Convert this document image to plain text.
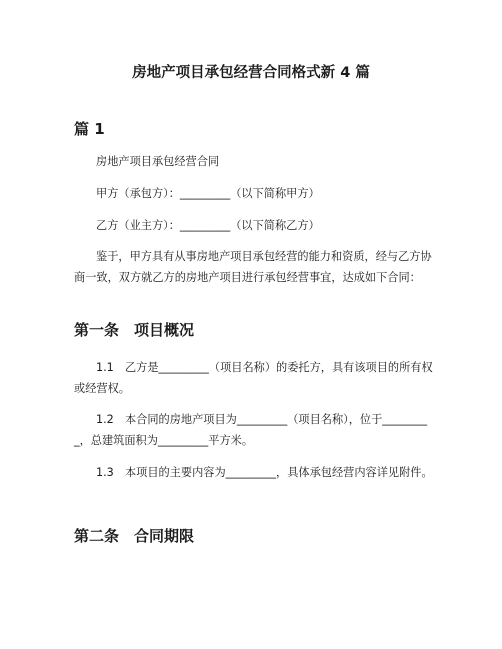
房地产项目承包经营合同格式新 4 篇
篇 1
房地产项目承包经营合同
甲方（承包方）：_________（以下简称甲方）
乙方（业主方）：_________（以下简称乙方）
鉴于，甲方具有从事房地产项目承包经营的能力和资质，经与乙方协商一致，双方就乙方的房地产项目进行承包经营事宜，达成如下合同：
第一条　项目概况
1.1　乙方是_________（项目名称）的委托方，具有该项目的所有权或经营权。
1.2　本合同的房地产项目为_________（项目名称），位于_________，总建筑面积为_________平方米。
1.3　本项目的主要内容为_________，具体承包经营内容详见附件。
第二条　合同期限
